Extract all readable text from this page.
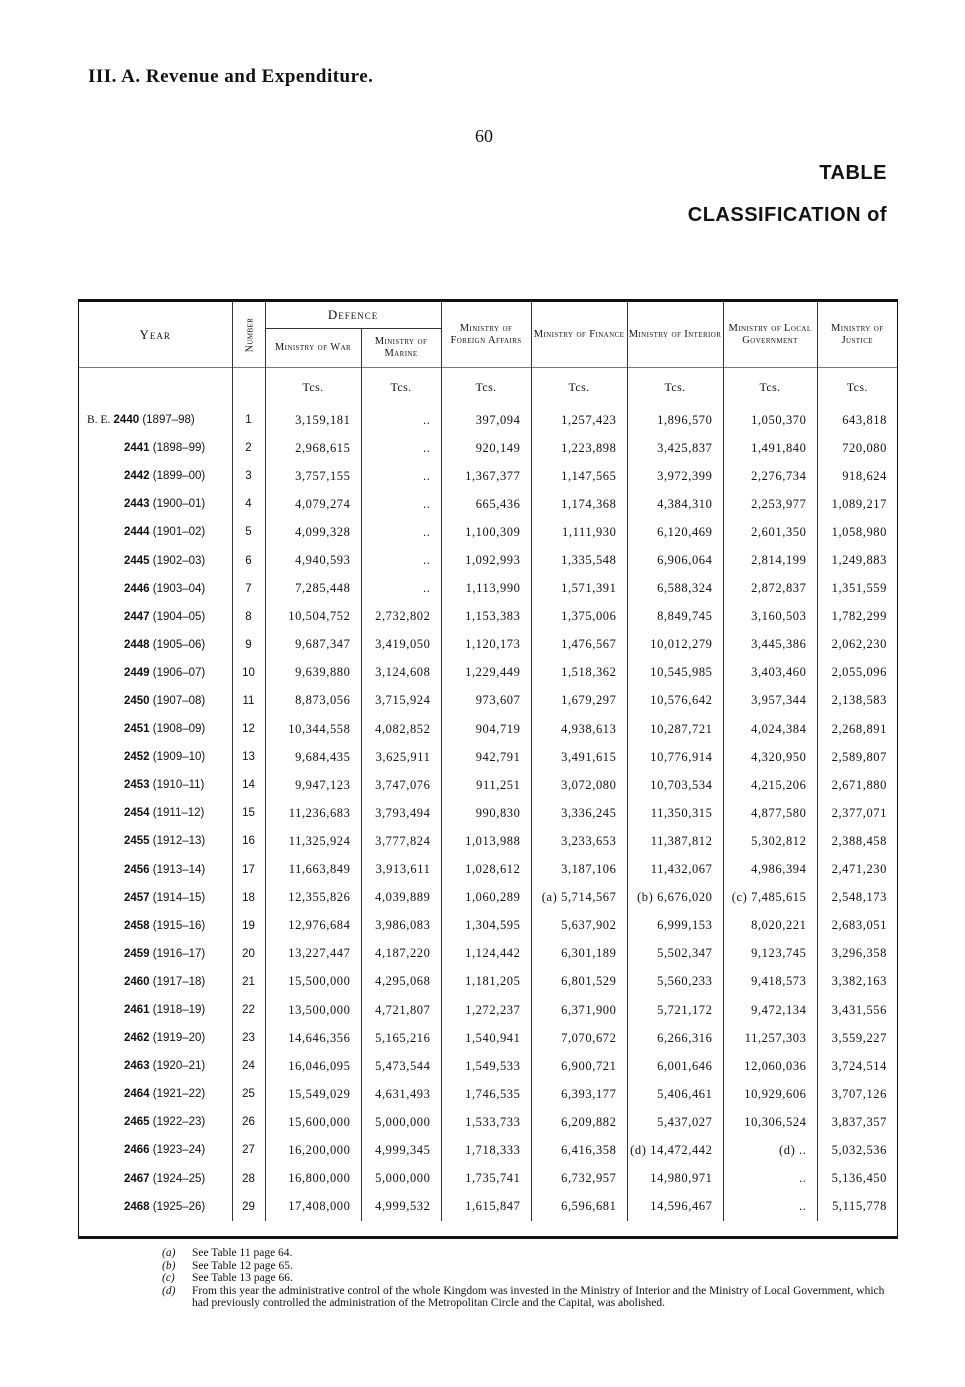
III. A. Revenue and Expenditure.
60
TABLE
CLASSIFICATION of
Year	Number	Defence		Ministry of Foreign Affairs	Ministry of Finance	Ministry of Interior	Ministry of Local Government	Ministry of Justice
		Ministry of War	Ministry of Marine					
		Tcs.	Tcs.	Tcs.	Tcs.	Tcs.	Tcs.	Tcs.
B. E. 2440 (1897–98)	1	3,159,181	..	397,094	1,257,423	1,896,570	1,050,370	643,818
2441 (1898–99)	2	2,968,615	..	920,149	1,223,898	3,425,837	1,491,840	720,080
2442 (1899–00)	3	3,757,155	..	1,367,377	1,147,565	3,972,399	2,276,734	918,624
2443 (1900–01)	4	4,079,274	..	665,436	1,174,368	4,384,310	2,253,977	1,089,217
2444 (1901–02)	5	4,099,328	..	1,100,309	1,111,930	6,120,469	2,601,350	1,058,980
2445 (1902–03)	6	4,940,593	..	1,092,993	1,335,548	6,906,064	2,814,199	1,249,883
2446 (1903–04)	7	7,285,448	..	1,113,990	1,571,391	6,588,324	2,872,837	1,351,559
2447 (1904–05)	8	10,504,752	2,732,802	1,153,383	1,375,006	8,849,745	3,160,503	1,782,299
2448 (1905–06)	9	9,687,347	3,419,050	1,120,173	1,476,567	10,012,279	3,445,386	2,062,230
2449 (1906–07)	10	9,639,880	3,124,608	1,229,449	1,518,362	10,545,985	3,403,460	2,055,096
2450 (1907–08)	11	8,873,056	3,715,924	973,607	1,679,297	10,576,642	3,957,344	2,138,583
2451 (1908–09)	12	10,344,558	4,082,852	904,719	4,938,613	10,287,721	4,024,384	2,268,891
2452 (1909–10)	13	9,684,435	3,625,911	942,791	3,491,615	10,776,914	4,320,950	2,589,807
2453 (1910–11)	14	9,947,123	3,747,076	911,251	3,072,080	10,703,534	4,215,206	2,671,880
2454 (1911–12)	15	11,236,683	3,793,494	990,830	3,336,245	11,350,315	4,877,580	2,377,071
2455 (1912–13)	16	11,325,924	3,777,824	1,013,988	3,233,653	11,387,812	5,302,812	2,388,458
2456 (1913–14)	17	11,663,849	3,913,611	1,028,612	3,187,106	11,432,067	4,986,394	2,471,230
2457 (1914–15)	18	12,355,826	4,039,889	1,060,289	(a) 5,714,567	(b) 6,676,020	(c) 7,485,615	2,548,173
2458 (1915–16)	19	12,976,684	3,986,083	1,304,595	5,637,902	6,999,153	8,020,221	2,683,051
2459 (1916–17)	20	13,227,447	4,187,220	1,124,442	6,301,189	5,502,347	9,123,745	3,296,358
2460 (1917–18)	21	15,500,000	4,295,068	1,181,205	6,801,529	5,560,233	9,418,573	3,382,163
2461 (1918–19)	22	13,500,000	4,721,807	1,272,237	6,371,900	5,721,172	9,472,134	3,431,556
2462 (1919–20)	23	14,646,356	5,165,216	1,540,941	7,070,672	6,266,316	11,257,303	3,559,227
2463 (1920–21)	24	16,046,095	5,473,544	1,549,533	6,900,721	6,001,646	12,060,036	3,724,514
2464 (1921–22)	25	15,549,029	4,631,493	1,746,535	6,393,177	5,406,461	10,929,606	3,707,126
2465 (1922–23)	26	15,600,000	5,000,000	1,533,733	6,209,882	5,437,027	10,306,524	3,837,357
2466 (1923–24)	27	16,200,000	4,999,345	1,718,333	6,416,358	(d) 14,472,442	(d) ..	5,032,536
2467 (1924–25)	28	16,800,000	5,000,000	1,735,741	6,732,957	14,980,971	..	5,136,450
2468 (1925–26)	29	17,408,000	4,999,532	1,615,847	6,596,681	14,596,467	..	5,115,778
(a)	See Table 11 page 64.
(b)	See Table 12 page 65.
(c)	See Table 13 page 66.
(d)	From this year the administrative control of the whole Kingdom was invested in the Ministry of Interior and the Ministry of Local Government, which had previously controlled the administration of the Metropolitan Circle and the Capital, was abolished.
